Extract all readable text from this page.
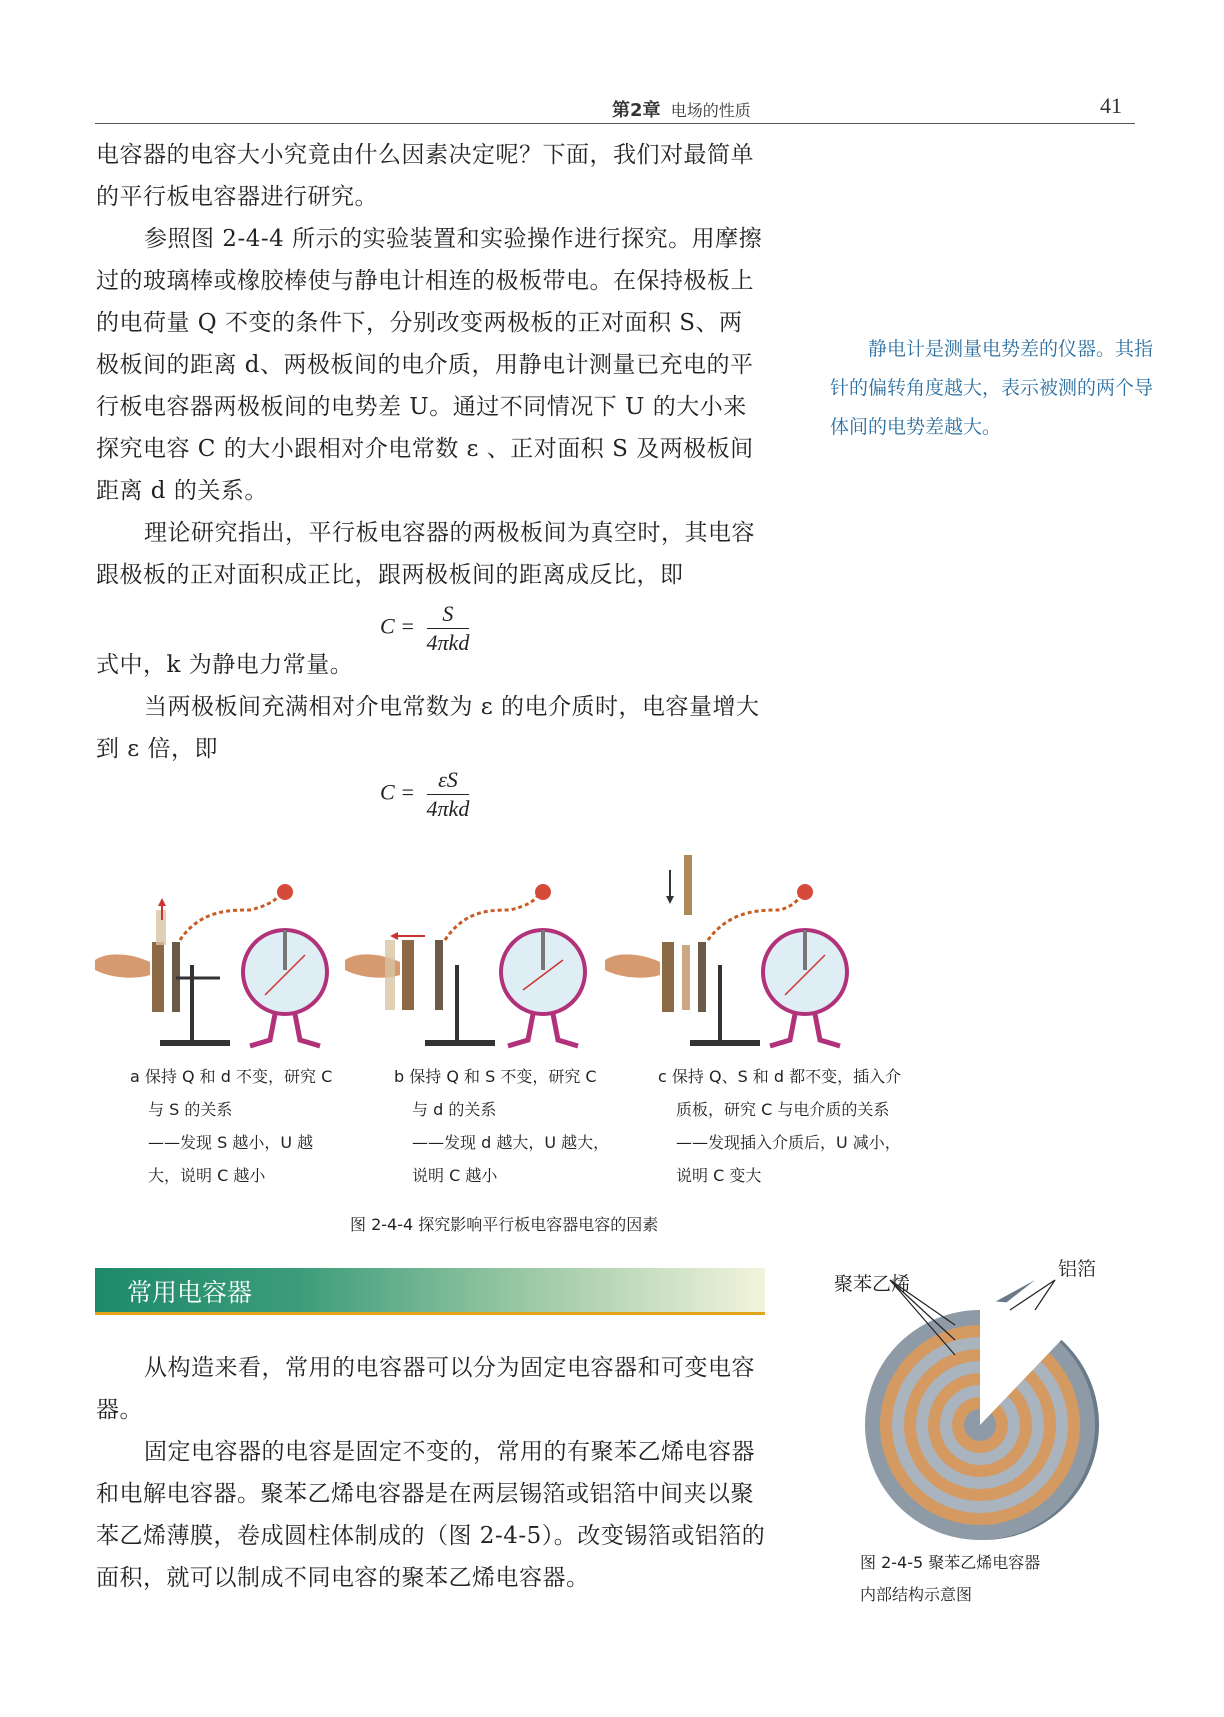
第2章 电场的性质	41

电容器的电容大小究竟由什么因素决定呢？下面，我们对最简单的平行板电容器进行研究。

参照图 2-4-4 所示的实验装置和实验操作进行探究。用摩擦过的玻璃棒或橡胶棒使与静电计相连的极板带电。在保持极板上的电荷量 Q 不变的条件下，分别改变两极板的正对面积 S、两极板间的距离 d、两极板间的电介质，用静电计测量已充电的平行板电容器两极板间的电势差 U。通过不同情况下 U 的大小来探究电容 C 的大小跟相对介电常数 ε 、正对面积 S 及两极板间距离 d 的关系。

理论研究指出，平行板电容器的两极板间为真空时，其电容跟极板的正对面积成正比，跟两极板间的距离成反比，即

$C = \frac{S}{\text{4πkd}}$

式中，k 为静电力常量。

当两极板间充满相对介电常数为 ε 的电介质时，电容量增大到 ε 倍，即

$C = \frac{\varepsilon S}{\text{4πkd}}$

静电计是测量电势差的仪器。其指针的偏转角度越大，表示被测的两个导体间的电势差越大。

a 保持 Q 和 d 不变，研究 C

与 S 的关系

——发现 S 越小，U 越

大，说明 C 越小

b 保持 Q 和 S 不变，研究 C

与 d 的关系

——发现 d 越大，U 越大，

说明 C 越小

c 保持 Q、S 和 d 都不变，插入介

质板，研究 C 与电介质的关系

——发现插入介质后，U 减小，

说明 C 变大

图 2-4-4 探究影响平行板电容器电容的因素
常用电容器

从构造来看，常用的电容器可以分为固定电容器和可变电容器。

固定电容器的电容是固定不变的，常用的有聚苯乙烯电容器和电解电容器。聚苯乙烯电容器是在两层锡箔或铝箔中间夹以聚苯乙烯薄膜，卷成圆柱体制成的（图 2-4-5）。改变锡箔或铝箔的面积，就可以制成不同电容的聚苯乙烯电容器。

聚苯乙烯
铝箔
图 2-4-5 聚苯乙烯电容器
内部结构示意图
